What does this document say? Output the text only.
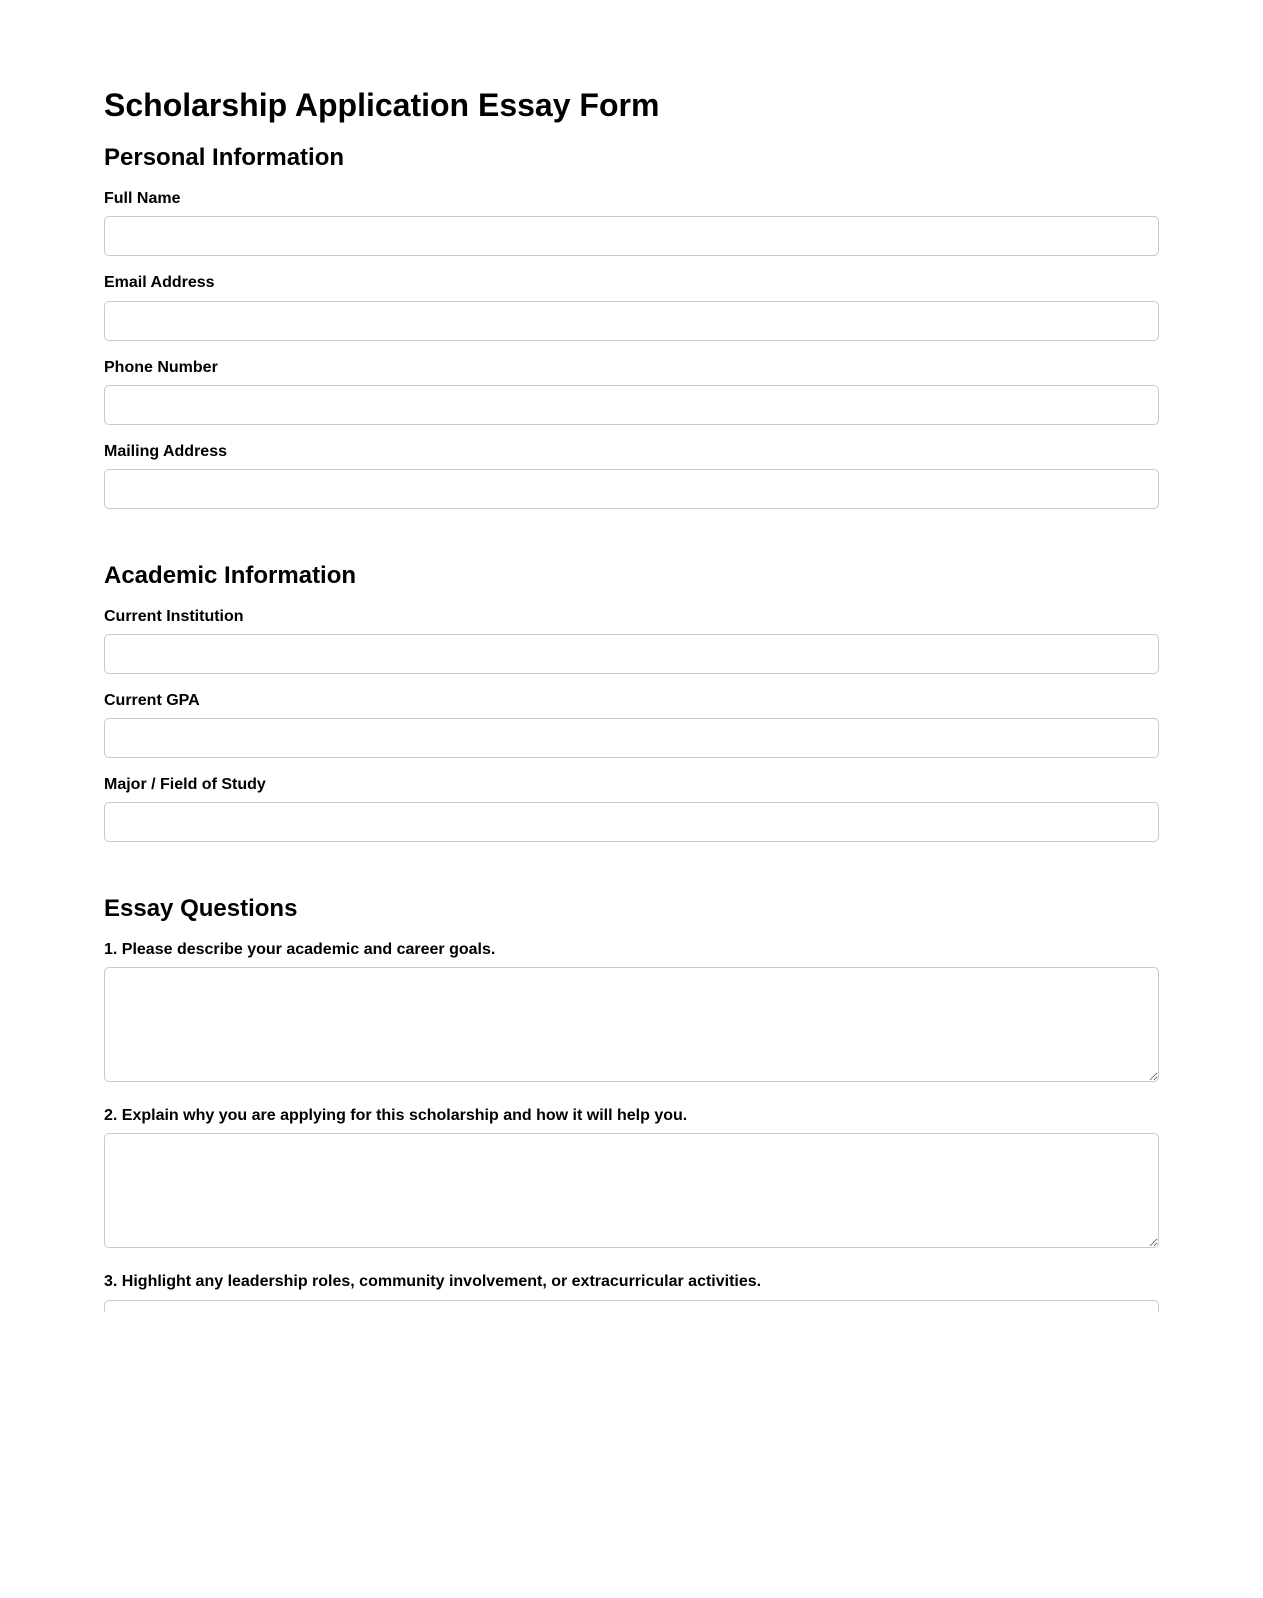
Scholarship Application Essay Form
Personal Information
Full Name
Email Address
Phone Number
Mailing Address
Academic Information
Current Institution
Current GPA
Major / Field of Study
Essay Questions
1. Please describe your academic and career goals.
2. Explain why you are applying for this scholarship and how it will help you.
3. Highlight any leadership roles, community involvement, or extracurricular activities.
